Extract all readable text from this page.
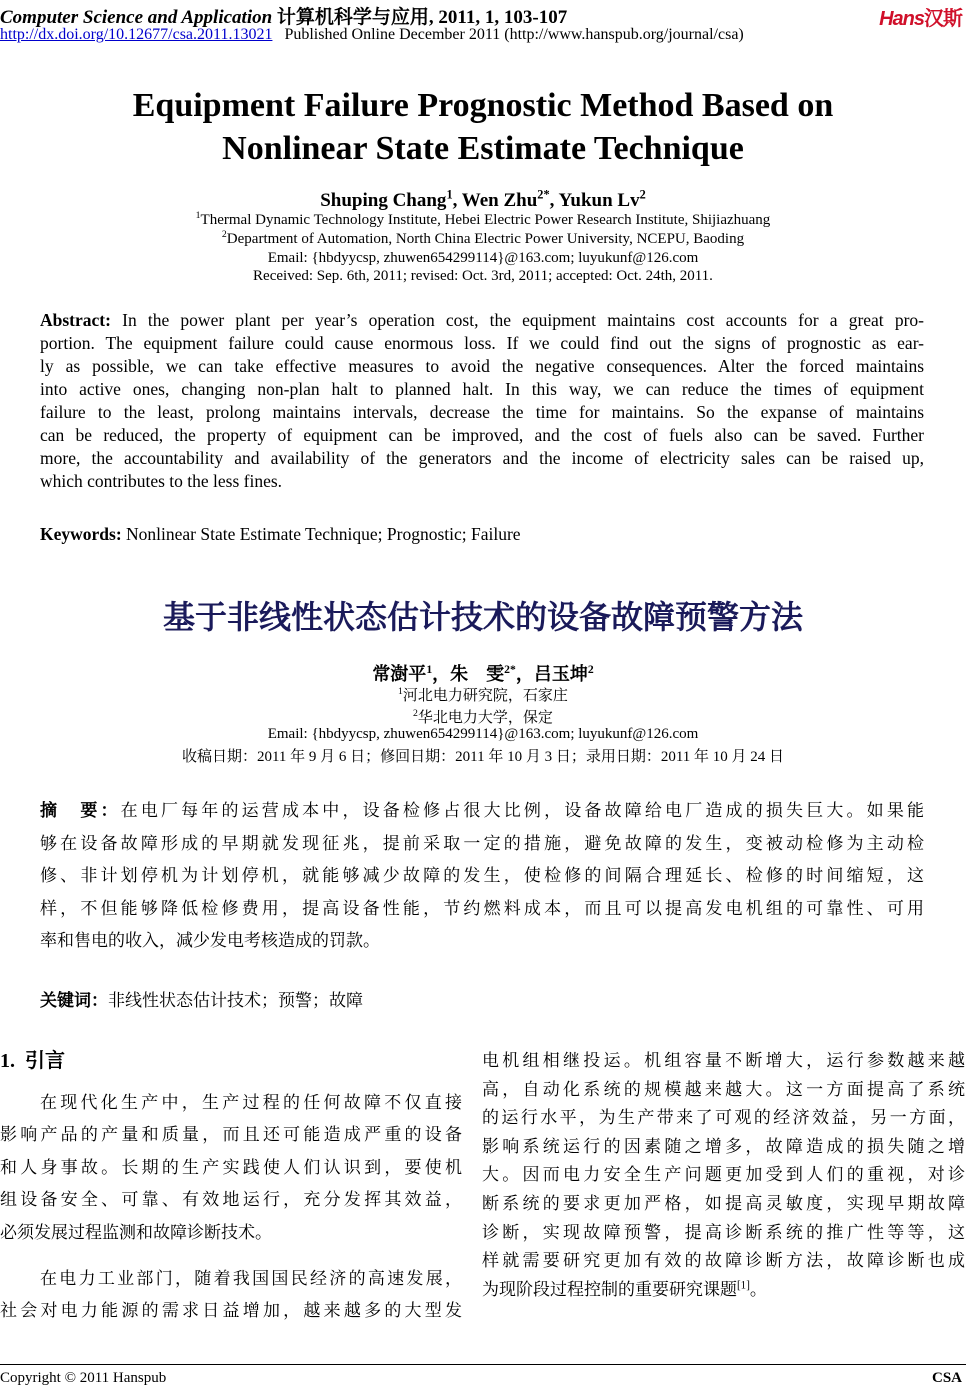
Computer Science and Application 计算机科学与应用, 2011, 1, 103-107
http://dx.doi.org/10.12677/csa.2011.13021 Published Online December 2011 (http://www.hanspub.org/journal/csa)
Hans汉斯
Equipment Failure Prognostic Method Based on
Nonlinear State Estimate Technique
Shuping Chang$^1$, Wen Zhu$^{2*}$, Yukun Lv$^2$
$^1$Thermal Dynamic Technology Institute, Hebei Electric Power Research Institute, Shijiazhuang
$^2$Department of Automation, North China Electric Power University, NCEPU, Baoding
Email: {hbdyycsp, zhuwen654299114}@163.com; luyukunf@126.com
Received: Sep. 6th, 2011; revised: Oct. 3rd, 2011; accepted: Oct. 24th, 2011.
Abstract: In the power plant per year’s operation cost, the equipment maintains cost accounts for a great pro-
portion. The equipment failure could cause enormous loss. If we could find out the signs of prognostic as ear-
ly as possible, we can take effective measures to avoid the negative consequences. Alter the forced maintains
into active ones, changing non-plan halt to planned halt. In this way, we can reduce the times of equipment
failure to the least, prolong maintains intervals, decrease the time for maintains. So the expanse of maintains
can be reduced, the property of equipment can be improved, and the cost of fuels also can be saved. Further
more, the accountability and availability of the generators and the income of electricity sales can be raised up,
which contributes to the less fines.
Keywords: Nonlinear State Estimate Technique; Prognostic; Failure
基于非线性状态估计技术的设备故障预警方法
常澍平$^1$，朱　雯$^{2*}$，吕玉坤$^2$
$^1$河北电力研究院，石家庄
$^2$华北电力大学，保定
Email: {hbdyycsp, zhuwen654299114}@163.com; luyukunf@126.com
收稿日期：2011 年 9 月 6 日；修回日期：2011 年 10 月 3 日；录用日期：2011 年 10 月 24 日
摘　要：在电厂每年的运营成本中，设备检修占很大比例，设备故障给电厂造成的损失巨大。如果能
够在设备故障形成的早期就发现征兆，提前采取一定的措施，避免故障的发生，变被动检修为主动检
修、非计划停机为计划停机，就能够减少故障的发生，使检修的间隔合理延长、检修的时间缩短，这
样，不但能够降低检修费用，提高设备性能，节约燃料成本，而且可以提高发电机组的可靠性、可用
率和售电的收入，减少发电考核造成的罚款。
关键词：非线性状态估计技术；预警；故障
1. 引言
在现代化生产中，生产过程的任何故障不仅直接
影响产品的产量和质量，而且还可能造成严重的设备
和人身事故。长期的生产实践使人们认识到，要使机
组设备安全、可靠、有效地运行，充分发挥其效益，
必须发展过程监测和故障诊断技术。
在电力工业部门，随着我国国民经济的高速发展，
社会对电力能源的需求日益增加，越来越多的大型发
电机组相继投运。机组容量不断增大，运行参数越来越
高，自动化系统的规模越来越大。这一方面提高了系统
的运行水平，为生产带来了可观的经济效益，另一方面，
影响系统运行的因素随之增多，故障造成的损失随之增
大。因而电力安全生产问题更加受到人们的重视，对诊
断系统的要求更加严格，如提高灵敏度，实现早期故障
诊断，实现故障预警，提高诊断系统的推广性等等，这
样就需要研究更加有效的故障诊断方法，故障诊断也成
为现阶段过程控制的重要研究课题[1]。
Copyright © 2011 Hanspub	CSA
